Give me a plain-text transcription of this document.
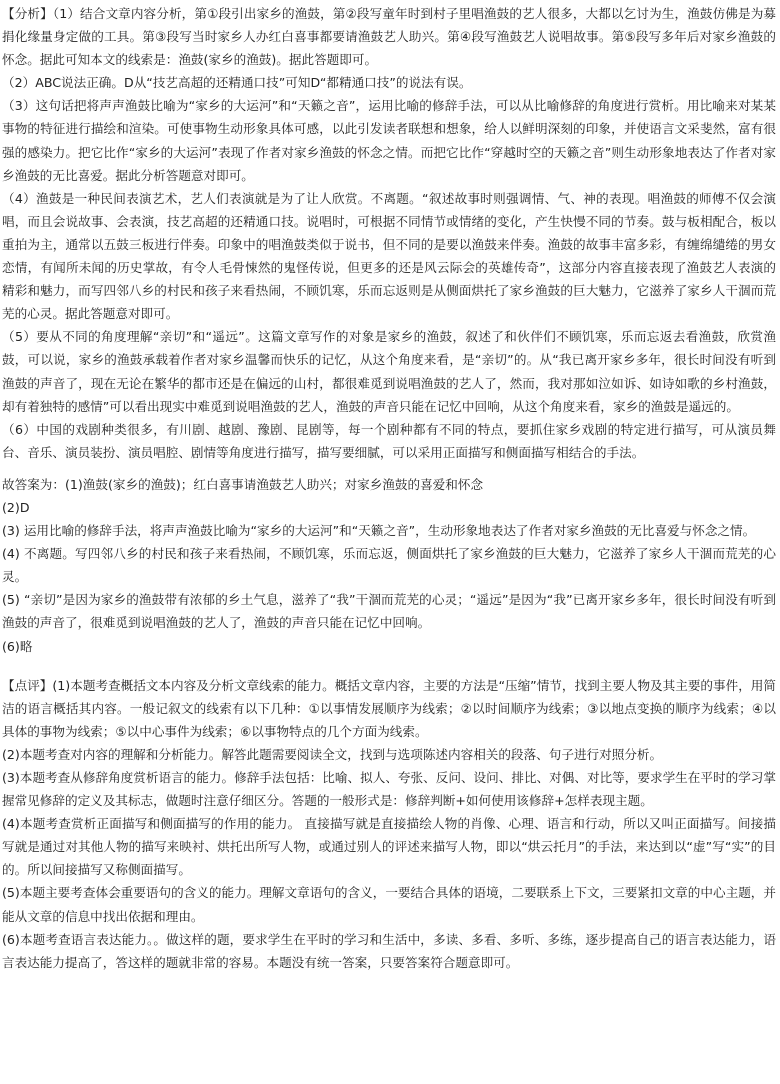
【分析】（1）结合文章内容分析，第①段引出家乡的渔鼓，第②段写童年时到村子里唱渔鼓的艺人很多，大都以乞讨为生，渔鼓仿佛是为募捐化缘量身定做的工具。第③段写当时家乡人办红白喜事都要请渔鼓艺人助兴。第④段写渔鼓艺人说唱故事。第⑤段写多年后对家乡渔鼓的怀念。据此可知本文的线索是：渔鼓(家乡的渔鼓)。据此答题即可。

（2）ABC说法正确。D从“技艺高超的还精通口技”可知D“都精通口技”的说法有误。

（3）这句话把将声声渔鼓比喻为“家乡的大运河”和“天籁之音”，运用比喻的修辞手法，可以从比喻修辞的角度进行赏析。用比喻来对某某事物的特征进行描绘和渲染。可使事物生动形象具体可感，以此引发读者联想和想象，给人以鲜明深刻的印象，并使语言文采斐然，富有很强的感染力。把它比作“家乡的大运河”表现了作者对家乡渔鼓的怀念之情。而把它比作“穿越时空的天籁之音”则生动形象地表达了作者对家乡渔鼓的无比喜爱。据此分析答题意对即可。

（4）渔鼓是一种民间表演艺术，艺人们表演就是为了让人欣赏。不离题。“叙述故事时则强调情、气、神的表现。唱渔鼓的师傅不仅会演唱，而且会说故事、会表演，技艺高超的还精通口技。说唱时，可根据不同情节或情绪的变化，产生快慢不同的节奏。鼓与板相配合，板以重拍为主，通常以五鼓三板进行伴奏。印象中的唱渔鼓类似于说书，但不同的是要以渔鼓来伴奏。渔鼓的故事丰富多彩，有缠绵缱绻的男女恋情，有闻所未闻的历史掌故，有令人毛骨悚然的鬼怪传说，但更多的还是风云际会的英雄传奇”，这部分内容直接表现了渔鼓艺人表演的精彩和魅力，而写四邻八乡的村民和孩子来看热闹，不顾饥寒，乐而忘返则是从侧面烘托了家乡渔鼓的巨大魅力，它滋养了家乡人干涸而荒芜的心灵。据此答题意对即可。

（5）要从不同的角度理解“亲切”和“遥远”。这篇文章写作的对象是家乡的渔鼓，叙述了和伙伴们不顾饥寒，乐而忘返去看渔鼓，欣赏渔鼓，可以说，家乡的渔鼓承载着作者对家乡温馨而快乐的记忆，从这个角度来看，是“亲切”的。从“我已离开家乡多年，很长时间没有听到渔鼓的声音了，现在无论在繁华的都市还是在偏远的山村，都很难觅到说唱渔鼓的艺人了，然而，我对那如泣如诉、如诗如歌的乡村渔鼓，却有着独特的感情”可以看出现实中难觅到说唱渔鼓的艺人，渔鼓的声音只能在记忆中回响，从这个角度来看，家乡的渔鼓是遥远的。

（6）中国的戏剧种类很多，有川剧、越剧、豫剧、昆剧等，每一个剧种都有不同的特点，要抓住家乡戏剧的特定进行描写，可从演员舞台、音乐、演员装扮、演员唱腔、剧情等角度进行描写，描写要细腻，可以采用正面描写和侧面描写相结合的手法。

故答案为：(1)渔鼓(家乡的渔鼓)；红白喜事请渔鼓艺人助兴；对家乡渔鼓的喜爱和怀念

(2)D

(3) 运用比喻的修辞手法，将声声渔鼓比喻为“家乡的大运河”和“天籁之音”，生动形象地表达了作者对家乡渔鼓的无比喜爱与怀念之情。

(4) 不离题。写四邻八乡的村民和孩子来看热闹，不顾饥寒，乐而忘返，侧面烘托了家乡渔鼓的巨大魅力，它滋养了家乡人干涸而荒芜的心灵。

(5) “亲切”是因为家乡的渔鼓带有浓郁的乡土气息，滋养了“我”干涸而荒芜的心灵；“遥远”是因为“我”已离开家乡多年，很长时间没有听到渔鼓的声音了，很难觅到说唱渔鼓的艺人了，渔鼓的声音只能在记忆中回响。

(6)略

【点评】(1)本题考查概括文本内容及分析文章线索的能力。概括文章内容，主要的方法是“压缩”情节，找到主要人物及其主要的事件，用简洁的语言概括其内容。一般记叙文的线索有以下几种：①以事情发展顺序为线索；②以时间顺序为线索；③以地点变换的顺序为线索；④以具体的事物为线索；⑤以中心事件为线索；⑥以事物特点的几个方面为线索。

(2)本题考查对内容的理解和分析能力。解答此题需要阅读全文，找到与选项陈述内容相关的段落、句子进行对照分析。

(3)本题考查从修辞角度赏析语言的能力。修辞手法包括：比喻、拟人、夸张、反问、设问、排比、对偶、对比等，要求学生在平时的学习掌握常见修辞的定义及其标志，做题时注意仔细区分。答题的一般形式是：修辞判断+如何使用该修辞+怎样表现主题。

(4)本题考查赏析正面描写和侧面描写的作用的能力。 直接描写就是直接描绘人物的肖像、心理、语言和行动，所以又叫正面描写。间接描写就是通过对其他人物的描写来映衬、烘托出所写人物，或通过别人的评述来描写人物，即以“烘云托月”的手法，来达到以“虚”写“实”的目的。所以间接描写又称侧面描写。

(5)本题主要考查体会重要语句的含义的能力。理解文章语句的含义，一要结合具体的语境，二要联系上下文，三要紧扣文章的中心主题，并能从文章的信息中找出依据和理由。

(6)本题考查语言表达能力。。做这样的题，要求学生在平时的学习和生活中，多读、多看、多听、多练，逐步提高自己的语言表达能力，语言表达能力提高了，答这样的题就非常的容易。本题没有统一答案，只要答案符合题意即可。
